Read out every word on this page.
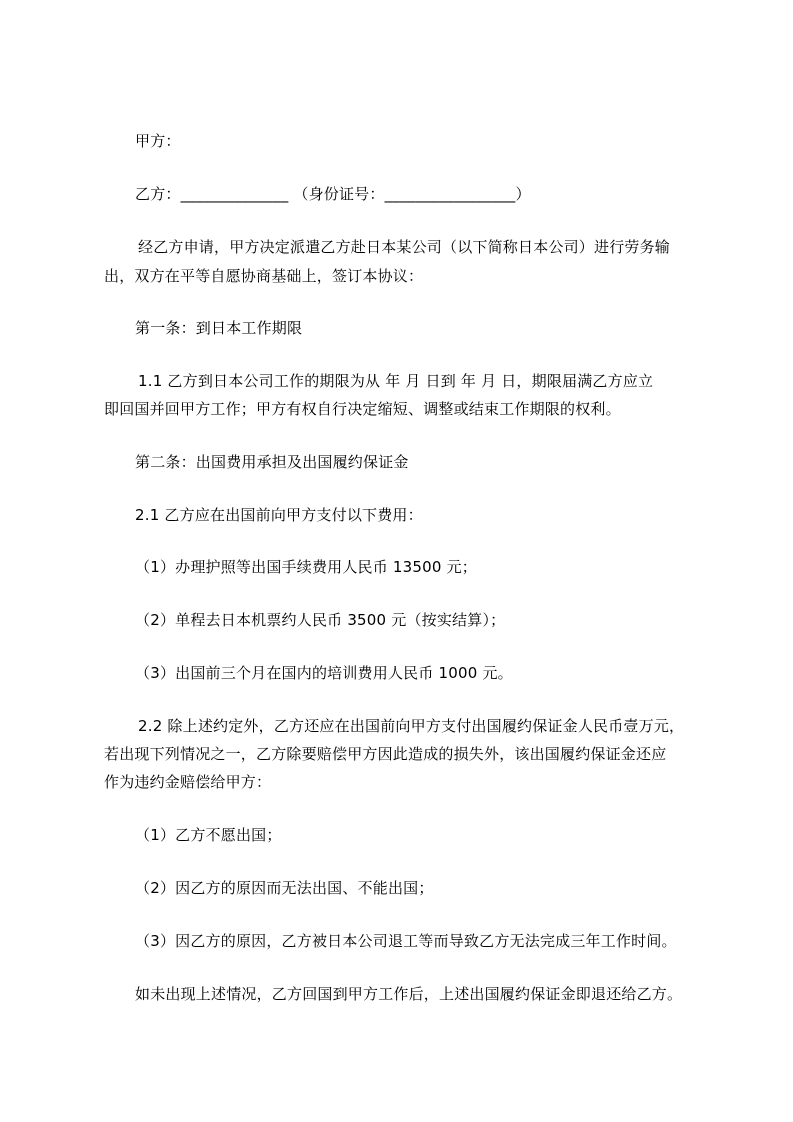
甲方：
乙方：______________ （身份证号：_________________）
经乙方申请，甲方决定派遣乙方赴日本某公司（以下简称日本公司）进行劳务输
出，双方在平等自愿协商基础上，签订本协议：
第一条：到日本工作期限
1.1 乙方到日本公司工作的期限为从 年 月 日到 年 月 日，期限届满乙方应立
即回国并回甲方工作；甲方有权自行决定缩短、调整或结束工作期限的权利。
第二条：出国费用承担及出国履约保证金
2.1 乙方应在出国前向甲方支付以下费用：
（1）办理护照等出国手续费用人民币 13500 元；
（2）单程去日本机票约人民币 3500 元（按实结算）；
（3）出国前三个月在国内的培训费用人民币 1000 元。
2.2 除上述约定外，乙方还应在出国前向甲方支付出国履约保证金人民币壹万元，
若出现下列情况之一，乙方除要赔偿甲方因此造成的损失外，该出国履约保证金还应
作为违约金赔偿给甲方：
（1）乙方不愿出国；
（2）因乙方的原因而无法出国、不能出国；
（3）因乙方的原因，乙方被日本公司退工等而导致乙方无法完成三年工作时间。
如未出现上述情况，乙方回国到甲方工作后，上述出国履约保证金即退还给乙方。
